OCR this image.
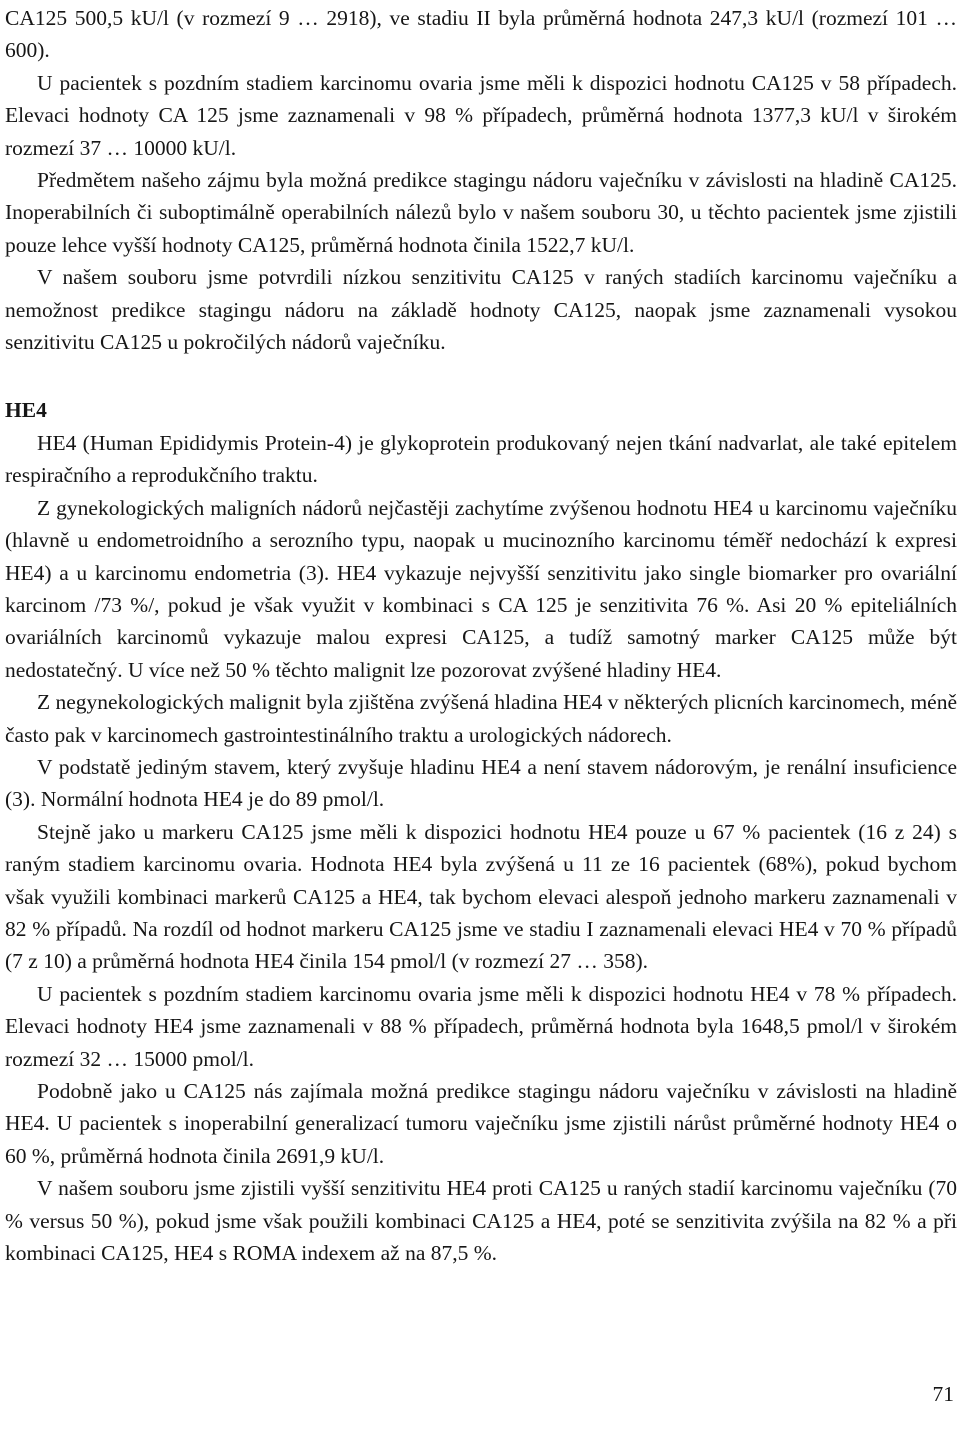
CA125 500,5 kU/l (v rozmezí 9 … 2918), ve stadiu II byla průměrná hodnota 247,3 kU/l (rozmezí 101 … 600).

U pacientek s pozdním stadiem karcinomu ovaria jsme měli k dispozici hodnotu CA125 v 58 případech. Elevaci hodnoty CA 125 jsme zaznamenali v 98 % případech, průměrná hodnota 1377,3 kU/l v širokém rozmezí 37 … 10000 kU/l.

Předmětem našeho zájmu byla možná predikce stagingu nádoru vaječníku v závislosti na hladině CA125. Inoperabilních či suboptimálně operabilních nálezů bylo v našem souboru 30, u těchto pacientek jsme zjistili pouze lehce vyšší hodnoty CA125, průměrná hodnota činila 1522,7 kU/l.

V našem souboru jsme potvrdili nízkou senzitivitu CA125 v raných stadiích karcinomu vaječníku a nemožnost predikce stagingu nádoru na základě hodnoty CA125, naopak jsme zaznamenali vysokou senzitivitu CA125 u pokročilých nádorů vaječníku.

HE4

HE4 (Human Epididymis Protein-4) je glykoprotein produkovaný nejen tkání nadvarlat, ale také epitelem respiračního a reprodukčního traktu.

Z gynekologických maligních nádorů nejčastěji zachytíme zvýšenou hodnotu HE4 u karcinomu vaječníku (hlavně u endometroidního a serozního typu, naopak u mucinozního karcinomu téměř nedochází k expresi HE4) a u karcinomu endometria (3). HE4 vykazuje nejvyšší senzitivitu jako single biomarker pro ovariální karcinom /73 %/, pokud je však využit v kombinaci s CA 125 je senzitivita 76 %. Asi 20 % epiteliálních ovariálních karcinomů vykazuje malou expresi CA125, a tudíž samotný marker CA125 může být nedostatečný. U více než 50 % těchto malignit lze pozorovat zvýšené hladiny HE4.

Z negynekologických malignit byla zjištěna zvýšená hladina HE4 v některých plicních karcinomech, méně často pak v karcinomech gastrointestinálního traktu a urologických nádorech.

V podstatě jediným stavem, který zvyšuje hladinu HE4 a není stavem nádorovým, je renální insuficience (3). Normální hodnota HE4 je do 89 pmol/l.

Stejně jako u markeru CA125 jsme měli k dispozici hodnotu HE4 pouze u 67 % pacientek (16 z 24) s raným stadiem karcinomu ovaria. Hodnota HE4 byla zvýšená u 11 ze 16 pacientek (68%), pokud bychom však využili kombinaci markerů CA125 a HE4, tak bychom elevaci alespoň jednoho markeru zaznamenali v 82 % případů. Na rozdíl od hodnot markeru CA125 jsme ve stadiu I zaznamenali elevaci HE4 v 70 % případů (7 z 10) a průměrná hodnota HE4 činila 154 pmol/l (v rozmezí 27 … 358).

U pacientek s pozdním stadiem karcinomu ovaria jsme měli k dispozici hodnotu HE4 v 78 % případech. Elevaci hodnoty HE4 jsme zaznamenali v 88 % případech, průměrná hodnota byla 1648,5 pmol/l v širokém rozmezí 32 … 15000 pmol/l.

Podobně jako u CA125 nás zajímala možná predikce stagingu nádoru vaječníku v závislosti na hladině HE4. U pacientek s inoperabilní generalizací tumoru vaječníku jsme zjistili nárůst průměrné hodnoty HE4 o 60 %, průměrná hodnota činila 2691,9 kU/l.

V našem souboru jsme zjistili vyšší senzitivitu HE4 proti CA125 u raných stadií karcinomu vaječníku (70 % versus 50 %), pokud jsme však použili kombinaci CA125 a HE4, poté se senzitivita zvýšila na 82 % a při kombinaci CA125, HE4 s ROMA indexem až na 87,5 %.

71
